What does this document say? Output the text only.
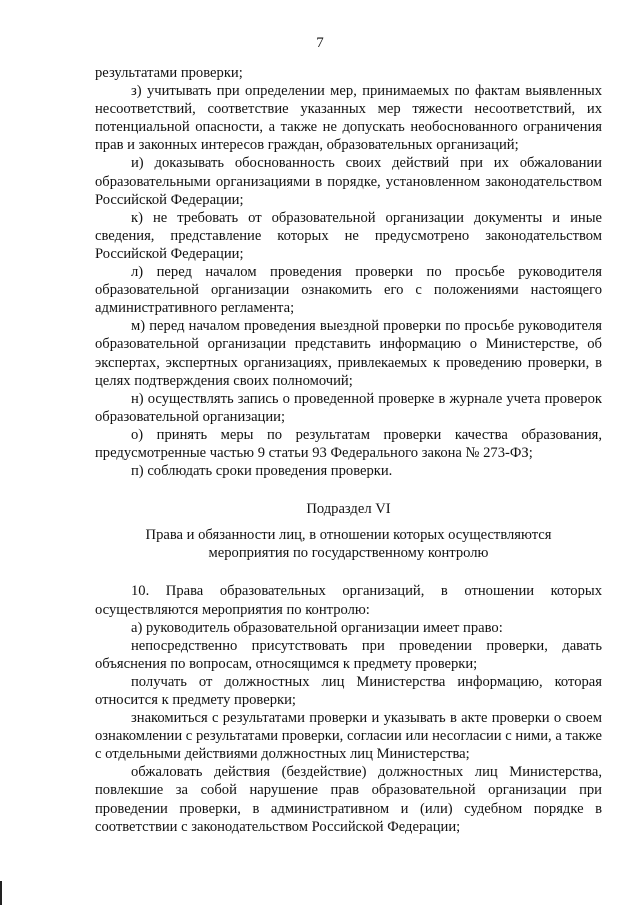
7

результатами проверки;

з) учитывать при определении мер, принимаемых по фактам выявленных несоответствий, соответствие указанных мер тяжести несоответствий, их потенциальной опасности, а также не допускать необоснованного ограничения прав и законных интересов граждан, образовательных организаций;

и) доказывать обоснованность своих действий при их обжаловании образовательными организациями в порядке, установленном законодательством Российской Федерации;

к) не требовать от образовательной организации документы и иные сведения, представление которых не предусмотрено законодательством Российской Федерации;

л) перед началом проведения проверки по просьбе руководителя образовательной организации ознакомить его с положениями настоящего административного регламента;

м) перед началом проведения выездной проверки по просьбе руководителя образовательной организации представить информацию о Министерстве, об экспертах, экспертных организациях, привлекаемых к проведению проверки, в целях подтверждения своих полномочий;

н) осуществлять запись о проведенной проверке в журнале учета проверок образовательной организации;

о) принять меры по результатам проверки качества образования, предусмотренные частью 9 статьи 93 Федерального закона № 273-ФЗ;

п) соблюдать сроки проведения проверки.

Подраздел VI

Права и обязанности лиц, в отношении которых осуществляются

мероприятия по государственному контролю

10. Права образовательных организаций, в отношении которых осуществляются мероприятия по контролю:

а) руководитель образовательной организации имеет право:

непосредственно присутствовать при проведении проверки, давать объяснения по вопросам, относящимся к предмету проверки;

получать от должностных лиц Министерства информацию, которая относится к предмету проверки;

знакомиться с результатами проверки и указывать в акте проверки о своем ознакомлении с результатами проверки, согласии или несогласии с ними, а также с отдельными действиями должностных лиц Министерства;

обжаловать действия (бездействие) должностных лиц Министерства, повлекшие за собой нарушение прав образовательной организации при проведении проверки, в административном и (или) судебном порядке в соответствии с законодательством Российской Федерации;
